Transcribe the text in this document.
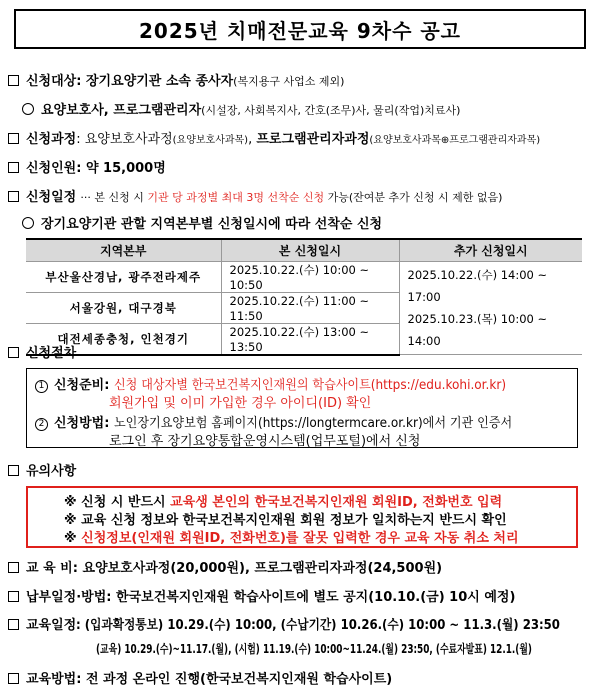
2025년 치매전문교육 9차수 공고
신청대상: 장기요양기관 소속 종사자(복지용구 사업소 제외)
요양보호사, 프로그램관리자(시설장, 사회복지사, 간호(조무)사, 물리(작업)치료사)
신청과정: 요양보호사과정(요양보호사과목), 프로그램관리자과정(요양보호사과목⊕프로그램관리자과목)
신청인원: 약 15,000명
신청일정 ··· 본 신청 시 기관 당 과정별 최대 3명 선착순 신청 가능(잔여분 추가 신청 시 제한 없음)
장기요양기관 관할 지역본부별 신청일시에 따라 선착순 신청
지역본부	본 신청일시	추가 신청일시
부산울산경남, 광주전라제주	2025.10.22.(수) 10:00 ~ 10:50	2025.10.22.(수) 14:00 ~ 17:00
2025.10.23.(목) 10:00 ~ 14:00

서울강원, 대구경북	2025.10.22.(수) 11:00 ~ 11:50	
대전세종충청, 인천경기	2025.10.22.(수) 13:00 ~ 13:50	
신청절차
1 신청준비: 신청 대상자별 한국보건복지인재원의 학습사이트(https://edu.kohi.or.kr)
회원가입 및 이미 가입한 경우 아이디(ID) 확인
2 신청방법: 노인장기요양보험 홈페이지(https://longtermcare.or.kr)에서 기관 인증서
로그인 후 장기요양통합운영시스템(업무포털)에서 신청
유의사항
※ 신청 시 반드시 교육생 본인의 한국보건복지인재원 회원ID, 전화번호 입력
※ 교육 신청 정보와 한국보건복지인재원 회원 정보가 일치하는지 반드시 확인
※ 신청정보(인재원 회원ID, 전화번호)를 잘못 입력한 경우 교육 자동 취소 처리
교 육 비: 요양보호사과정(20,000원), 프로그램관리자과정(24,500원)
납부일정·방법: 한국보건복지인재원 학습사이트에 별도 공지(10.10.(금) 10시 예정)
교육일정: (입과확정통보) 10.29.(수) 10:00, (수납기간) 10.26.(수) 10:00 ~ 11.3.(월) 23:50
(교육) 10.29.(수)~11.17.(월), (시험) 11.19.(수) 10:00~11.24.(월) 23:50, (수료자발표) 12.1.(월)
교육방법: 전 과정 온라인 진행(한국보건복지인재원 학습사이트)
